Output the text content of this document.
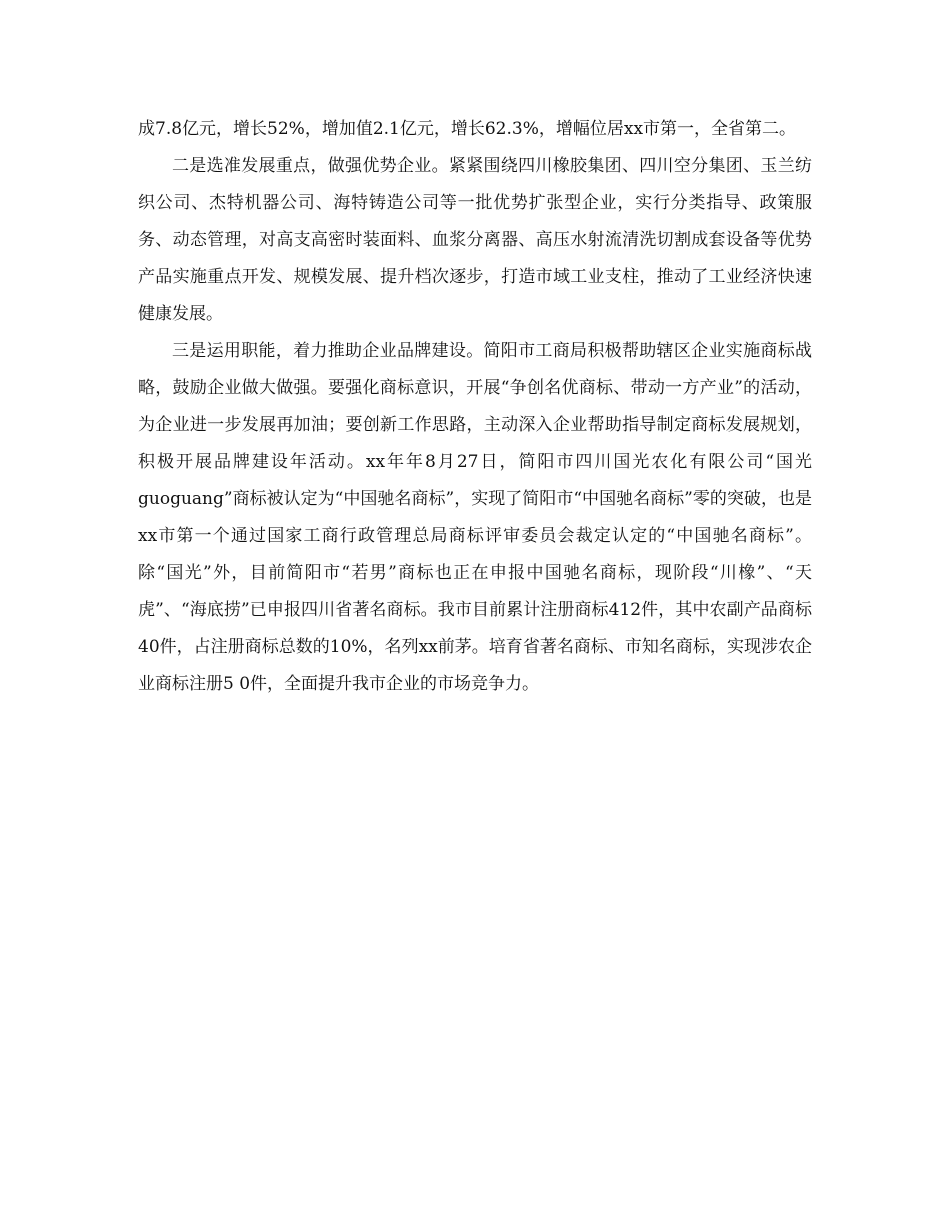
成7.8亿元，增长52%，增加值2.1亿元，增长62.3%，增幅位居xx市第一，全省第二。

二是选准发展重点，做强优势企业。紧紧围绕四川橡胶集团、四川空分集团、玉兰纺织公司、杰特机器公司、海特铸造公司等一批优势扩张型企业，实行分类指导、政策服务、动态管理，对高支高密时装面料、血浆分离器、高压水射流清洗切割成套设备等优势产品实施重点开发、规模发展、提升档次逐步，打造市域工业支柱，推动了工业经济快速健康发展。

三是运用职能，着力推助企业品牌建设。简阳市工商局积极帮助辖区企业实施商标战略，鼓励企业做大做强。要强化商标意识，开展“争创名优商标、带动一方产业”的活动，为企业进一步发展再加油；要创新工作思路，主动深入企业帮助指导制定商标发展规划，积极开展品牌建设年活动。xx年年8月27日，简阳市四川国光农化有限公司“国光guoguang”商标被认定为“中国驰名商标”，实现了简阳市“中国驰名商标”零的突破，也是xx市第一个通过国家工商行政管理总局商标评审委员会裁定认定的“中国驰名商标”。除“国光”外，目前简阳市“若男”商标也正在申报中国驰名商标，现阶段“川橡”、“天虎”、“海底捞”已申报四川省著名商标。我市目前累计注册商标412件，其中农副产品商标40件，占注册商标总数的10%，名列xx前茅。培育省著名商标、市知名商标，实现涉农企业商标注册5 0件，全面提升我市企业的市场竞争力。
